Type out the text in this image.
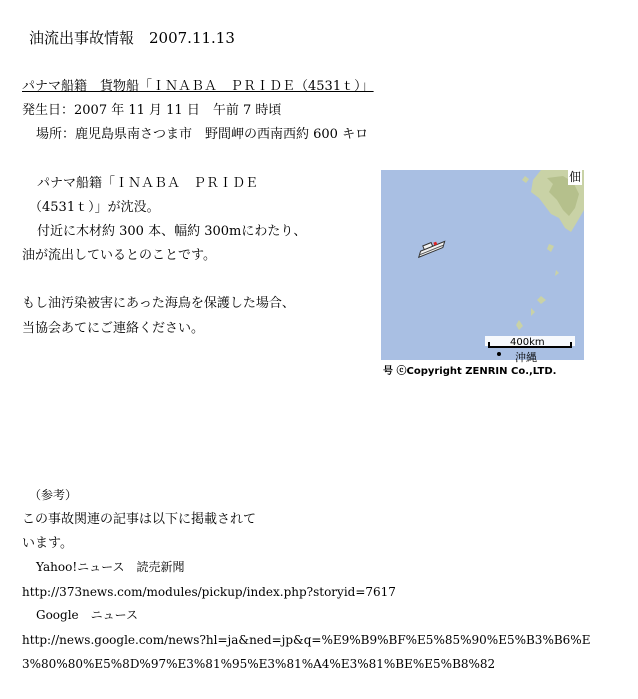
油流出事故情報　2007.11.13
パナマ船籍　貨物船「ＩＮＡＢＡ　ＰＲＩＤＥ（4531ｔ）」
発生日：2007 年 11 月 11 日　午前 7 時頃
場所：鹿児島県南さつま市　野間岬の西南西約 600 キロ
パナマ船籍「ＩＮＡＢＡ　ＰＲＩＤＥ
（4531ｔ）」が沈没。
付近に木材約 300 本、幅約 300mにわたり、
油が流出しているとのことです。
もし油汚染被害にあった海鳥を保護した場合、
当協会あてにご連絡ください。
佃
400km
沖縄
号 ⓒCopyright ZENRIN Co.,LTD.
（参考）
この事故関連の記事は以下に掲載されて
います。
Yahoo!ニュース　読売新聞
http://373news.com/modules/pickup/index.php?storyid=7617
Google　ニュース
http://news.google.com/news?hl=ja&ned=jp&q=%E9%B9%BF%E5%85%90%E5%B3%B6%E
3%80%80%E5%8D%97%E3%81%95%E3%81%A4%E3%81%BE%E5%B8%82
